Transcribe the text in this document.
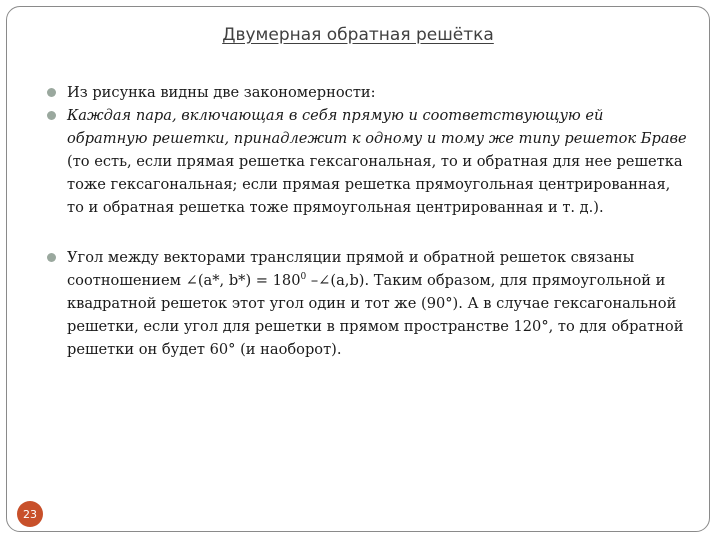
Двумерная обратная решётка
Из рисунка видны две закономерности:
Каждая пара, включающая в себя прямую и соответствующую ей обратную решетки, принадлежит к одному и тому же типу решеток Браве (то есть, если прямая решетка гексагональная, то и обратная для нее решетка тоже гексагональная; если прямая решетка прямоугольная центрированная, то и обратная решетка тоже прямоугольная центрированная и т. д.).
Угол между векторами трансляции прямой и обратной решеток связаны соотношением ∠(a*, $b*) = 180^0$ –∠(a,b). Таким образом, для прямоугольной и квадратной решеток этот угол один и тот же (90°). А в случае гексагональной решетки, если угол для решетки в прямом пространстве 120°, то для обратной решетки он будет 60° (и наоборот).
23
